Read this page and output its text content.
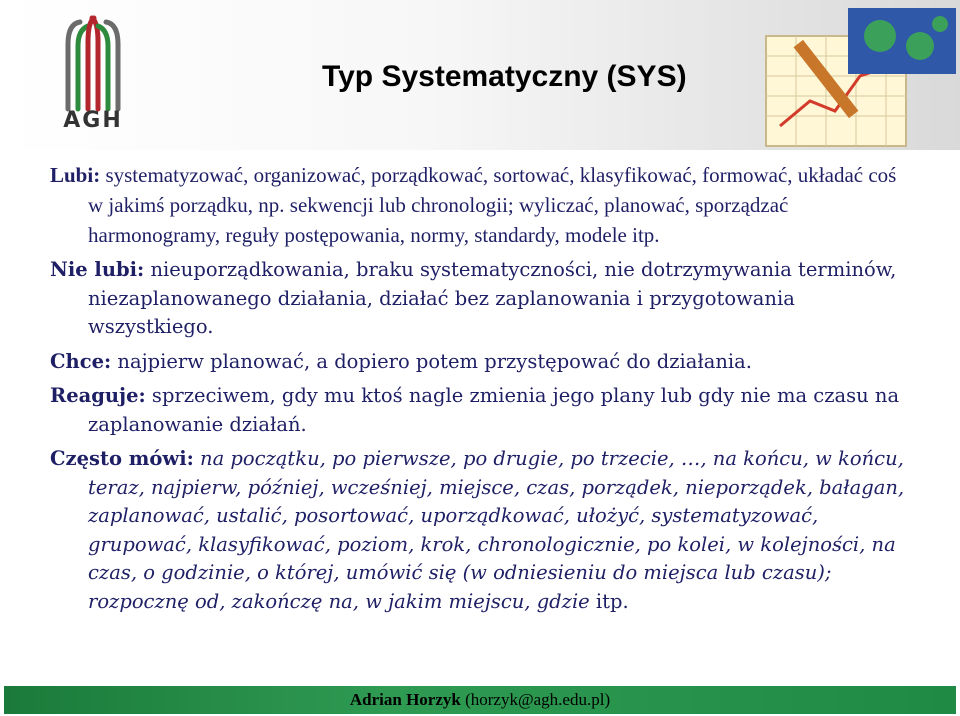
AGH
Typ Systematyczny (SYS)

Lubi: systematyzować, organizować, porządkować, sortować, klasyfikować, formować, układać coś w jakimś porządku, np. sekwencji lub chronologii; wyliczać, planować, sporządzać harmonogramy, reguły postępowania, normy, standardy, modele itp.

Nie lubi: nieuporządkowania, braku systematyczności, nie dotrzymywania terminów, niezaplanowanego działania, działać bez zaplanowania i przygotowania wszystkiego.

Chce: najpierw planować, a dopiero potem przystępować do działania.

Reaguje: sprzeciwem, gdy mu ktoś nagle zmienia jego plany lub gdy nie ma czasu na zaplanowanie działań.

Często mówi: na początku, po pierwsze, po drugie, po trzecie, …, na końcu, w końcu, teraz, najpierw, później, wcześniej, miejsce, czas, porządek, nieporządek, bałagan, zaplanować, ustalić, posortować, uporządkować, ułożyć, systematyzować, grupować, klasyfikować, poziom, krok, chronologicznie, po kolei, w kolejności, na czas, o godzinie, o której, umówić się (w odniesieniu do miejsca lub czasu); rozpocznę od, zakończę na, w jakim miejscu, gdzie itp.

Adrian Horzyk (horzyk@agh.edu.pl)
